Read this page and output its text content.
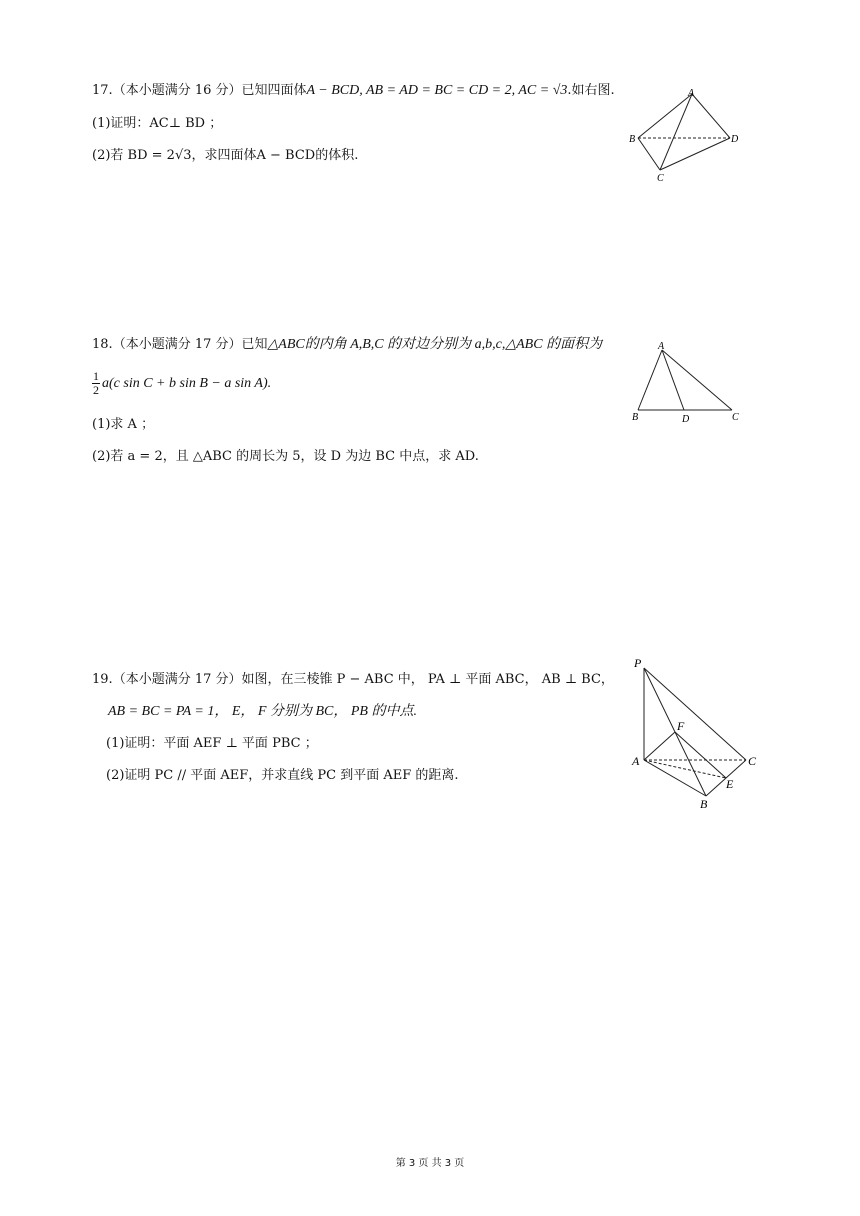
17.（本小题满分 16 分）已知四面体A − BCD, AB = AD = BC = CD = 2, AC = √3.如右图.
(1)证明：AC⊥ BD ；
(2)若 BD = 2√3，求四面体A − BCD的体积.
A
B
C
D
18.（本小题满分 17 分）已知△ABC的内角 A,B,C 的对边分别为 a,b,c,△ABC 的面积为
$\frac{1}{2} a(c$ sin C + b sin B − a sin A).
(1)求 A ；
(2)若 a = 2，且 △ABC 的周长为 5，设 D 为边 BC 中点，求 AD.
A
B	D	C
19.（本小题满分 17 分）如图，在三棱锥 P − ABC 中， PA ⊥ 平面 ABC， AB ⊥ BC，
AB = BC = PA = 1， E， F 分别为 BC， PB 的中点.
(1)证明：平面 AEF ⊥ 平面 PBC ；
(2)证明 PC // 平面 AEF，并求直线 PC 到平面 AEF 的距离.
P
F
A	C
E
B
第 3 页 共 3 页
